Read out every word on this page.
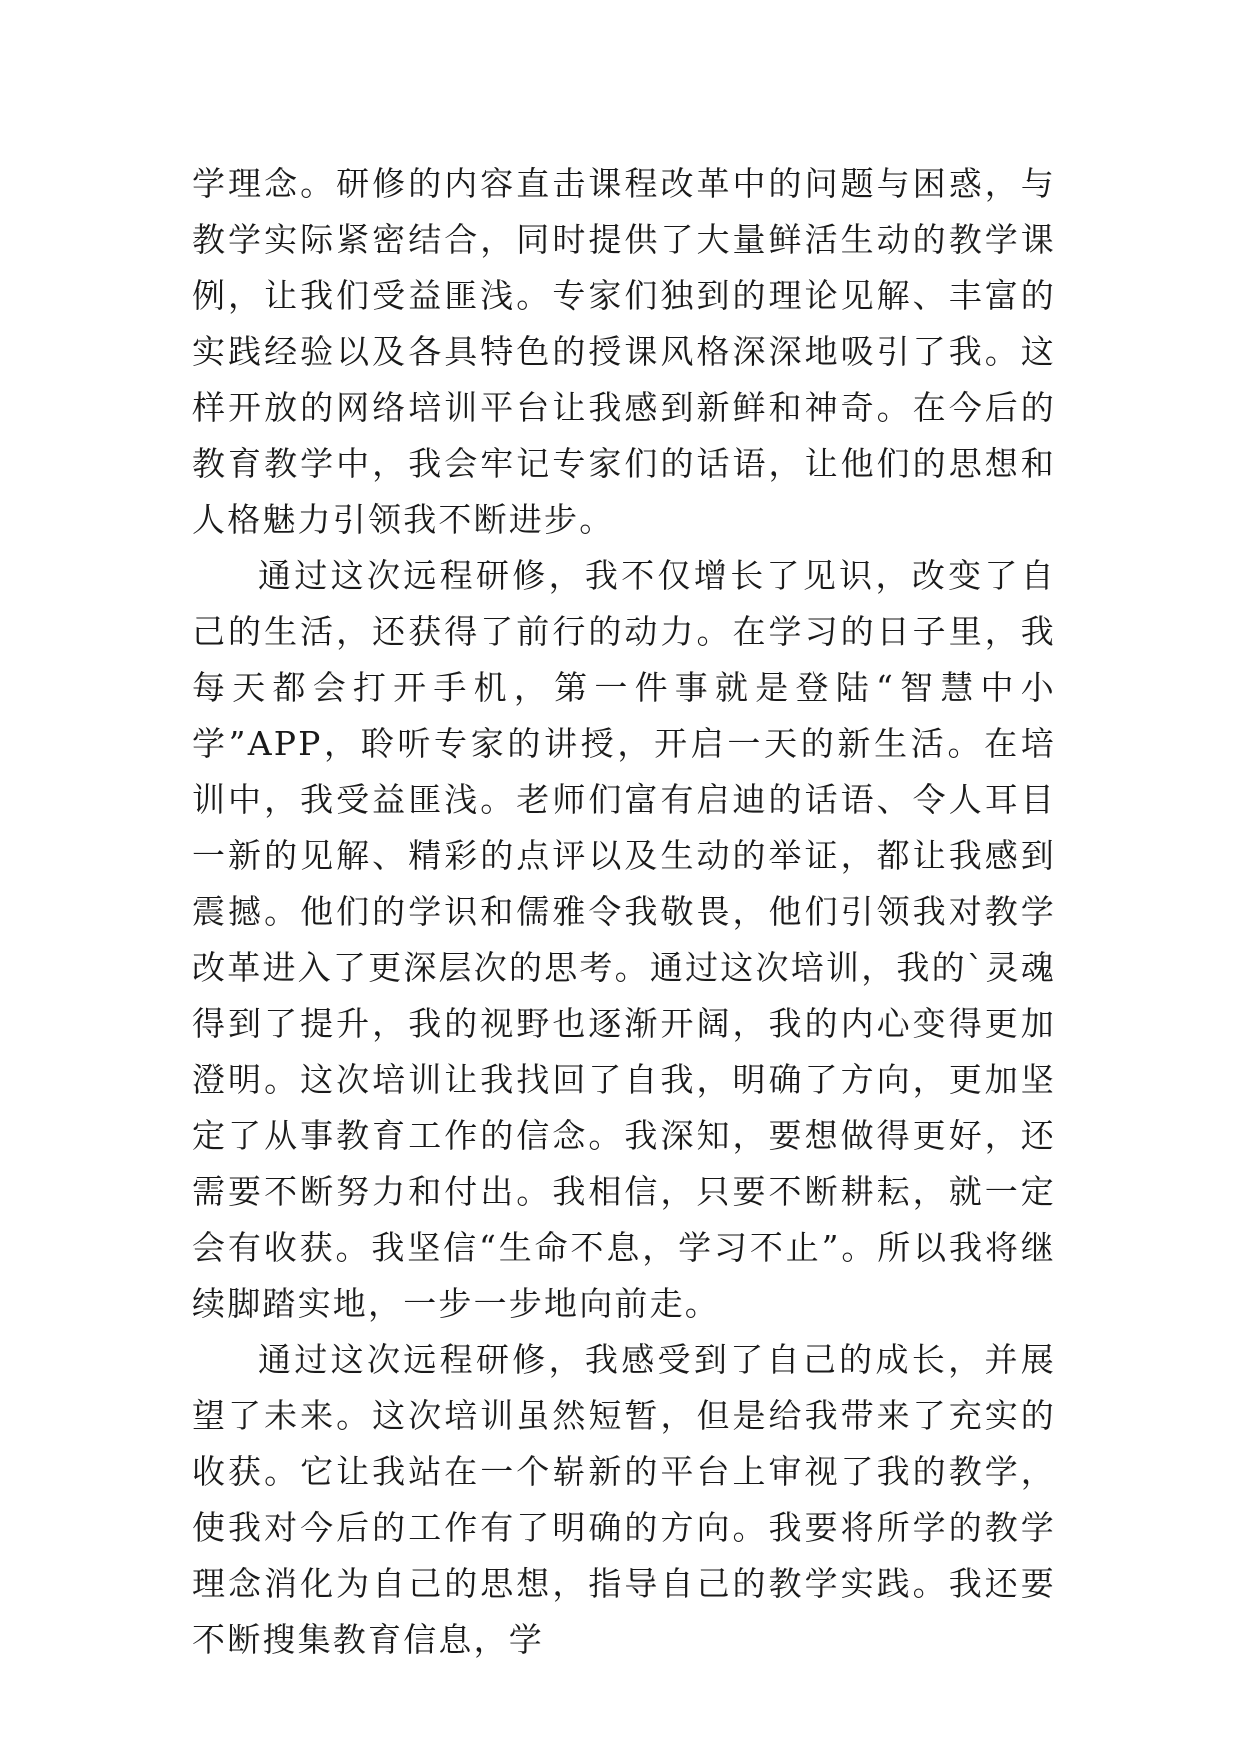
学理念。研修的内容直击课程改革中的问题与困惑，与教学实际紧密结合，同时提供了大量鲜活生动的教学课例，让我们受益匪浅。专家们独到的理论见解、丰富的实践经验以及各具特色的授课风格深深地吸引了我。这样开放的网络培训平台让我感到新鲜和神奇。在今后的教育教学中，我会牢记专家们的话语，让他们的思想和人格魅力引领我不断进步。

通过这次远程研修，我不仅增长了见识，改变了自己的生活，还获得了前行的动力。在学习的日子里，我每天都会打开手机，第一件事就是登陆“智慧中小学”APP，聆听专家的讲授，开启一天的新生活。在培训中，我受益匪浅。老师们富有启迪的话语、令人耳目一新的见解、精彩的点评以及生动的举证，都让我感到震撼。他们的学识和儒雅令我敬畏，他们引领我对教学改革进入了更深层次的思考。通过这次培训，我的`灵魂得到了提升，我的视野也逐渐开阔，我的内心变得更加澄明。这次培训让我找回了自我，明确了方向，更加坚定了从事教育工作的信念。我深知，要想做得更好，还需要不断努力和付出。我相信，只要不断耕耘，就一定会有收获。我坚信“生命不息，学习不止”。所以我将继续脚踏实地，一步一步地向前走。

通过这次远程研修，我感受到了自己的成长，并展望了未来。这次培训虽然短暂，但是给我带来了充实的收获。它让我站在一个崭新的平台上审视了我的教学，使我对今后的工作有了明确的方向。我要将所学的教学理念消化为自己的思想，指导自己的教学实践。我还要不断搜集教育信息，学
